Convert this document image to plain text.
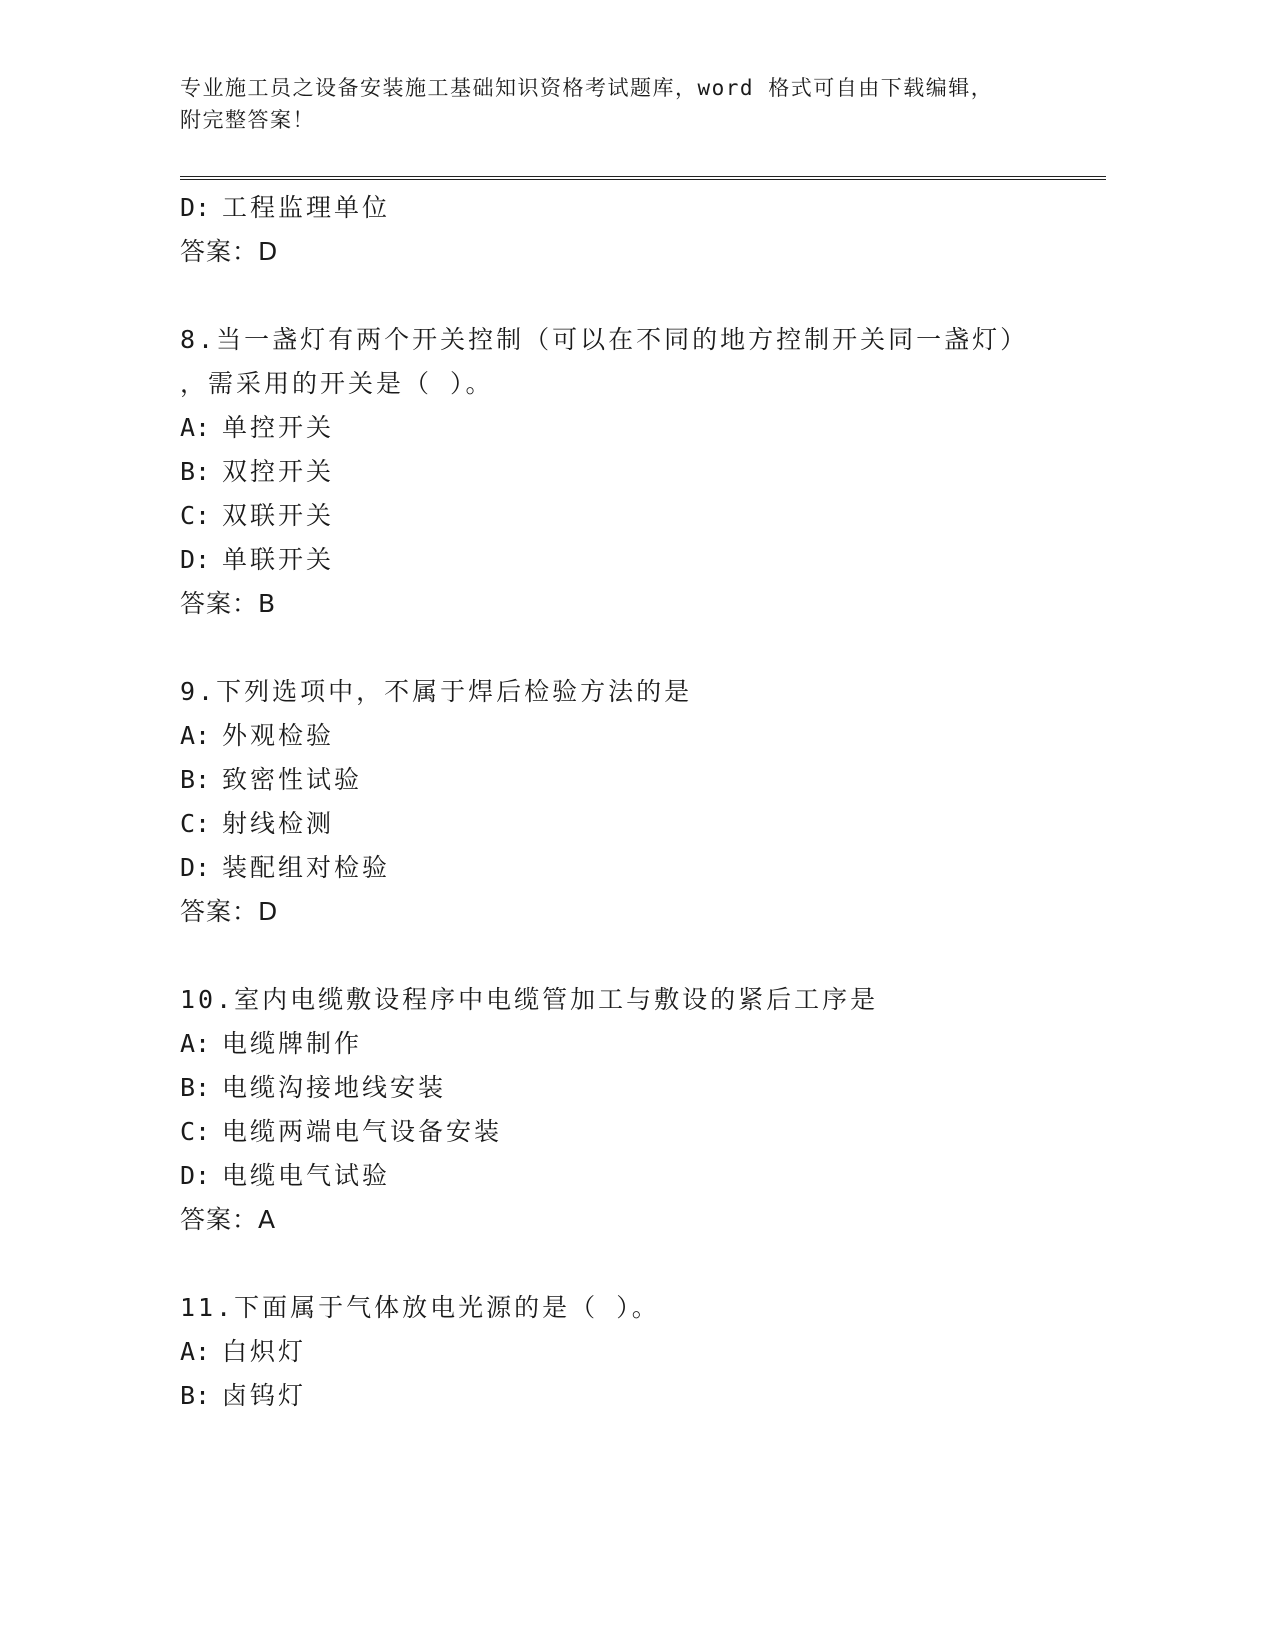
专业施工员之设备安装施工基础知识资格考试题库，word 格式可自由下载编辑，
附完整答案！
D: 工程监理单位
答案：D
8.当一盏灯有两个开关控制（可以在不同的地方控制开关同一盏灯）
，需采用的开关是（ ）。
A: 单控开关
B: 双控开关
C: 双联开关
D: 单联开关
答案：B
9.下列选项中，不属于焊后检验方法的是
A: 外观检验
B: 致密性试验
C: 射线检测
D: 装配组对检验
答案：D
10.室内电缆敷设程序中电缆管加工与敷设的紧后工序是
A: 电缆牌制作
B: 电缆沟接地线安装
C: 电缆两端电气设备安装
D: 电缆电气试验
答案：A
11.下面属于气体放电光源的是（ ）。
A: 白炽灯
B: 卤钨灯
